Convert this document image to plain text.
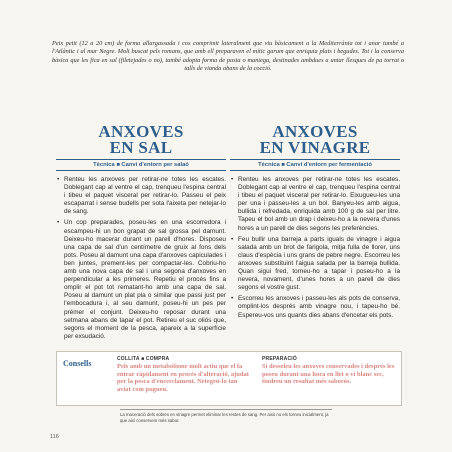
Peix petit (12 a 20 cm) de forma allargassada i cos comprimit lateralment que viu bàsicament a la Mediterrània tot i anar també a l'Atlàntic i al mar Negre. Molt buscat pels romans, que amb ell preparaven el mític garum que enriquia plats i begudes. Tot i la conserva bàsica que les fica en sal (filetejades o no), també adopta forma de pasta o mantega, destinades ambdues a untar llesques de pa torrat o talls de vianda abans de la cocció.
ANXOVES
EN SAL
Tècnica ■ Canvi d'entorn per salaó
• Renteu les anxoves per retirar-ne totes les escates. Doblegant cap al ventre el cap, trenqueu l'espina central i tibeu el paquet visceral per retirar-lo. Passeu el peix escaparrat i sense budells per sota l'aixeta per netejar-lo de sang.
• Un cop preparades, poseu-les en una escorredora i escampeu-hi un bon grapat de sal grossa pel damunt. Deixeu-ho macerar durant un parell d'hores. Disposeu una capa de sal d'un centímetre de gruix al fons dels pots. Poseu al damunt una capa d'anxoves capiculades i ben juntes, prement-les per compactar-les. Cobriu-ho amb una nova capa de sal i una segona d'anxoves en perpendicular a les primeres. Repetiu el procés fins a omplir el pot tot rematant-ho amb una capa de sal. Poseu al damunt un plat pla o similar que passi just per l'embocadura i, al seu damunt, poseu-hi un pes per prémer el conjunt. Deixeu-ho reposar durant una setmana abans de tapar el pot. Retireu el suc oliós que, segons el moment de la pesca, apareix a la superfície per exsudació.
ANXOVES
EN VINAGRE
Tècnica ■ Canvi d'entorn per fermentació
• Renteu les anxoves per retirar-ne totes les escates. Doblegant cap al ventre el cap, trenqueu l'espina central i tibeu el paquet visceral per retirar-lo. Eixugueu-les una per una i passeu-les a un bol. Banyeu-les amb aigua, bullida i refredada, enriquida amb 100 g de sal per litre. Tapeu el bol amb un drap i deixeu-ho a la nevera d'unes hores a un parell de dies segons les preferències.
• Feu bullir una barreja a parts iguals de vinagre i aigua salada amb un brot de farigola, mitja fulla de llorer, uns claus d'espècia i uns grans de pebre negre. Escorreu les anxoves substituint l'aigua salada per la barreja bullida. Quan sigui fred, torneu-ho a tapar i poseu-ho a la nevera, novament, d'unes hores a un parell de dies segons el vostre gust.
• Escorreu les anxoves i passeu-les als pots de conserva, omplint-los després amb vinagre nou, i tapeu-ho bé. Espereu-vos uns quants dies abans d'encetar els pots.
Consells	COLLITA ■ COMPRA
Pels amb un metabolisme molt actiu que el fa entrar ràpidament en procés d'alteració, ajudat per la pesca d'encerclament. Netegeu-lo tan aviat com pugueu.
PREPARACIÓ
Si desseleu les anxoves conservades i després les poseu durant una hora en llet o vi blanc sec, tindreu un resultat més saborós.
La maceració dels sobres en vinagre permet eliminar les restes de sang. Per això no els torneu inicialment, ja que així conservem més sabor.
116
